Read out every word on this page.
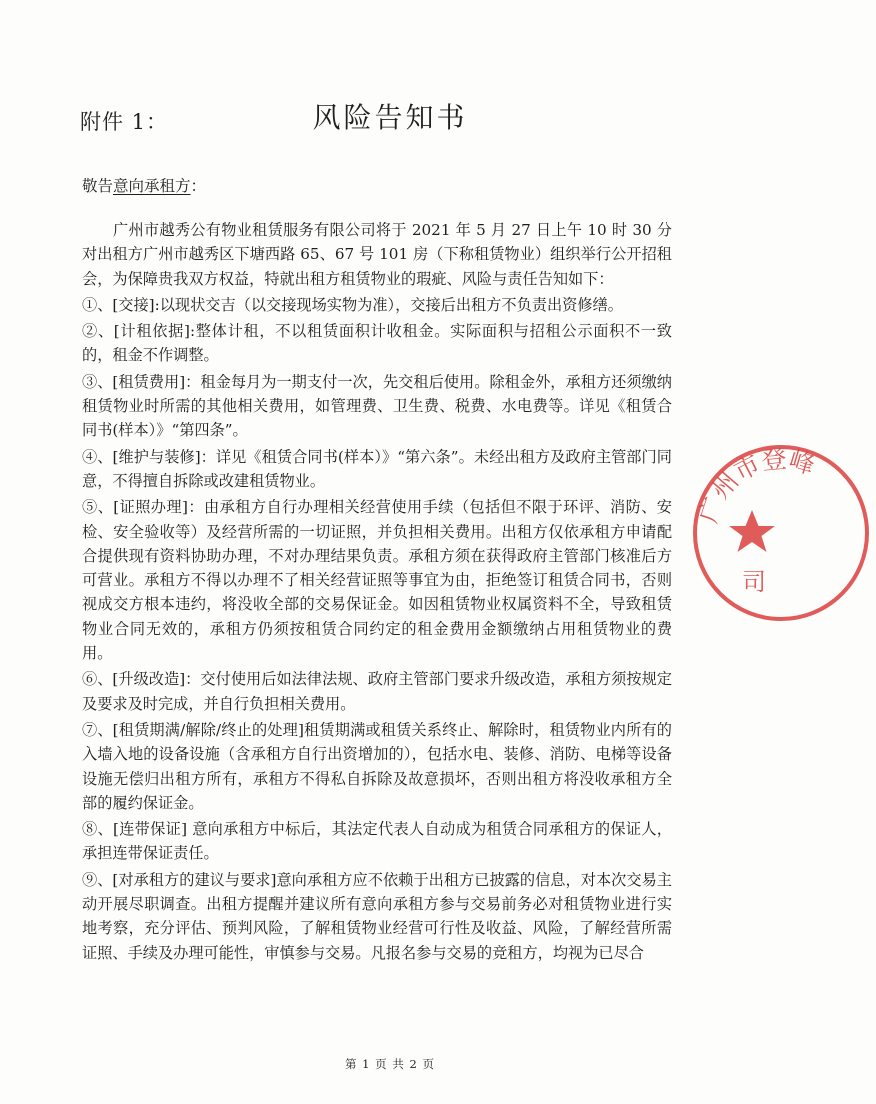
附件 1：	风险告知书
敬告意向承租方：

广州市越秀公有物业租赁服务有限公司将于 2021 年 5 月 27 日上午 10 时 30 分对出租方广州市越秀区下塘西路 65、67 号 101 房（下称租赁物业）组织举行公开招租会，为保障贵我双方权益，特就出租方租赁物业的瑕疵、风险与责任告知如下：

①、[交接]:以现状交吉（以交接现场实物为准），交接后出租方不负责出资修缮。

②、[计租依据]:整体计租，不以租赁面积计收租金。实际面积与招租公示面积不一致的，租金不作调整。

③、[租赁费用]：租金每月为一期支付一次，先交租后使用。除租金外，承租方还须缴纳租赁物业时所需的其他相关费用，如管理费、卫生费、税费、水电费等。详见《租赁合同书(样本）》“第四条”。

④、[维护与装修]：详见《租赁合同书(样本）》“第六条”。未经出租方及政府主管部门同意，不得擅自拆除或改建租赁物业。

⑤、[证照办理]：由承租方自行办理相关经营使用手续（包括但不限于环评、消防、安检、安全验收等）及经营所需的一切证照，并负担相关费用。出租方仅依承租方申请配合提供现有资料协助办理，不对办理结果负责。承租方须在获得政府主管部门核准后方可营业。承租方不得以办理不了相关经营证照等事宜为由，拒绝签订租赁合同书，否则视成交方根本违约，将没收全部的交易保证金。如因租赁物业权属资料不全，导致租赁物业合同无效的，承租方仍须按租赁合同约定的租金费用金额缴纳占用租赁物业的费用。

⑥、[升级改造]：交付使用后如法律法规、政府主管部门要求升级改造，承租方须按规定及要求及时完成，并自行负担相关费用。

⑦、[租赁期满/解除/终止的处理]租赁期满或租赁关系终止、解除时，租赁物业内所有的入墙入地的设备设施（含承租方自行出资增加的），包括水电、装修、消防、电梯等设备设施无偿归出租方所有，承租方不得私自拆除及故意损坏，否则出租方将没收承租方全部的履约保证金。

⑧、[连带保证] 意向承租方中标后，其法定代表人自动成为租赁合同承租方的保证人，承担连带保证责任。

⑨、[对承租方的建议与要求]意向承租方应不依赖于出租方已披露的信息，对本次交易主动开展尽职调查。出租方提醒并建议所有意向承租方参与交易前务必对租赁物业进行实地考察，充分评估、预判风险，了解租赁物业经营可行性及收益、风险，了解经营所需证照、手续及办理可能性，审慎参与交易。凡报名参与交易的竞租方，均视为已尽合

广州市登峰
司
第 1 页 共 2 页
